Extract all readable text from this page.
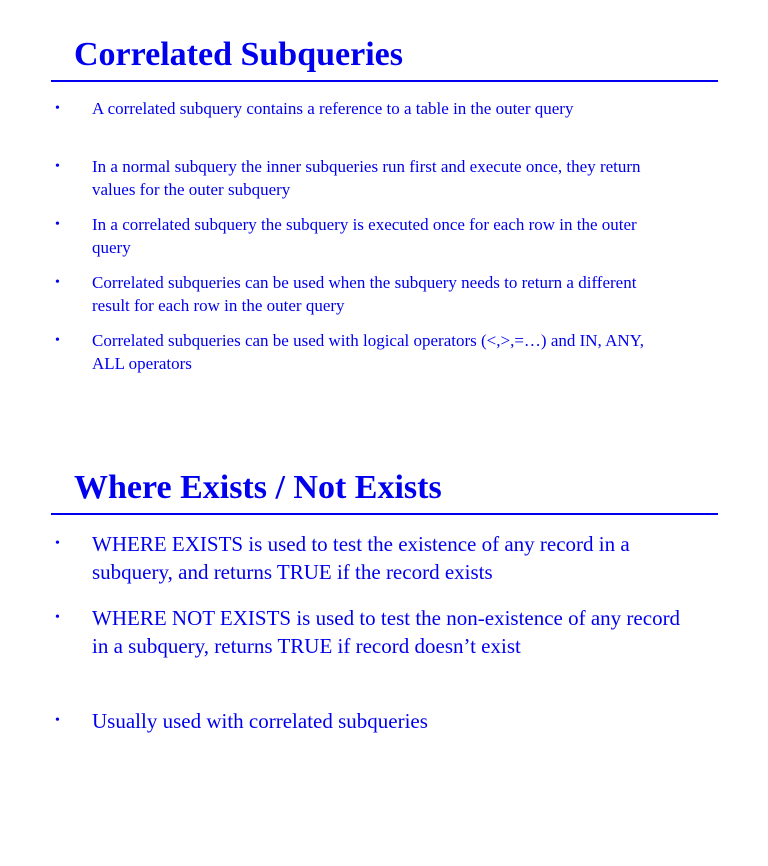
Correlated Subqueries
• A correlated subquery contains a reference to a table in the outer query
• In a normal subquery the inner subqueries run first and execute once, they return values for the outer subquery
• In a correlated subquery the subquery is executed once for each row in the outer query
• Correlated subqueries can be used when the subquery needs to return a different result for each row in the outer query
• Correlated subqueries can be used with logical operators (<,>,=…) and IN, ANY, ALL operators
Where Exists / Not Exists
• WHERE EXISTS is used to test the existence of any record in a subquery, and returns TRUE if the record exists
• WHERE NOT EXISTS is used to test the non-existence of any record in a subquery, returns TRUE if record doesn’t exist
• Usually used with correlated subqueries
